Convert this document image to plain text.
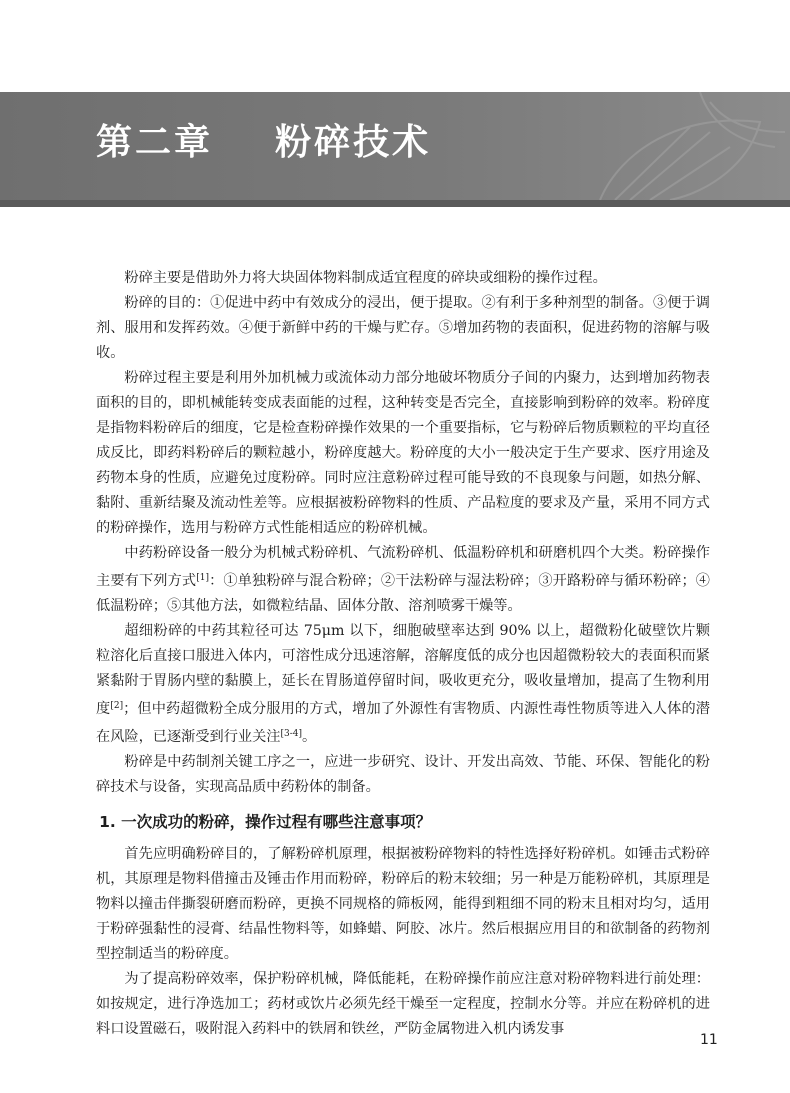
第二章    粉碎技术

粉碎主要是借助外力将大块固体物料制成适宜程度的碎块或细粉的操作过程。

粉碎的目的：①促进中药中有效成分的浸出，便于提取。②有利于多种剂型的制备。③便于调剂、服用和发挥药效。④便于新鲜中药的干燥与贮存。⑤增加药物的表面积，促进药物的溶解与吸收。

粉碎过程主要是利用外加机械力或流体动力部分地破坏物质分子间的内聚力，达到增加药物表面积的目的，即机械能转变成表面能的过程，这种转变是否完全，直接影响到粉碎的效率。粉碎度是指物料粉碎后的细度，它是检查粉碎操作效果的一个重要指标，它与粉碎后物质颗粒的平均直径成反比，即药料粉碎后的颗粒越小，粉碎度越大。粉碎度的大小一般决定于生产要求、医疗用途及药物本身的性质，应避免过度粉碎。同时应注意粉碎过程可能导致的不良现象与问题，如热分解、黏附、重新结聚及流动性差等。应根据被粉碎物料的性质、产品粒度的要求及产量，采用不同方式的粉碎操作，选用与粉碎方式性能相适应的粉碎机械。

中药粉碎设备一般分为机械式粉碎机、气流粉碎机、低温粉碎机和研磨机四个大类。粉碎操作主要有下列方式[1]：①单独粉碎与混合粉碎；②干法粉碎与湿法粉碎；③开路粉碎与循环粉碎；④低温粉碎；⑤其他方法，如微粒结晶、固体分散、溶剂喷雾干燥等。

超细粉碎的中药其粒径可达 75μm 以下，细胞破壁率达到 90% 以上，超微粉化破壁饮片颗粒溶化后直接口服进入体内，可溶性成分迅速溶解，溶解度低的成分也因超微粉较大的表面积而紧紧黏附于胃肠内壁的黏膜上，延长在胃肠道停留时间，吸收更充分，吸收量增加，提高了生物利用度[2]；但中药超微粉全成分服用的方式，增加了外源性有害物质、内源性毒性物质等进入人体的潜在风险，已逐渐受到行业关注[3-4]。

粉碎是中药制剂关键工序之一，应进一步研究、设计、开发出高效、节能、环保、智能化的粉碎技术与设备，实现高品质中药粉体的制备。

1. 一次成功的粉碎，操作过程有哪些注意事项？

首先应明确粉碎目的，了解粉碎机原理，根据被粉碎物料的特性选择好粉碎机。如锤击式粉碎机，其原理是物料借撞击及锤击作用而粉碎，粉碎后的粉末较细；另一种是万能粉碎机，其原理是物料以撞击伴撕裂研磨而粉碎，更换不同规格的筛板网，能得到粗细不同的粉末且相对均匀，适用于粉碎强黏性的浸膏、结晶性物料等，如蜂蜡、阿胶、冰片。然后根据应用目的和欲制备的药物剂型控制适当的粉碎度。

为了提高粉碎效率，保护粉碎机械，降低能耗，在粉碎操作前应注意对粉碎物料进行前处理：如按规定，进行净选加工；药材或饮片必须先经干燥至一定程度，控制水分等。并应在粉碎机的进料口设置磁石，吸附混入药料中的铁屑和铁丝，严防金属物进入机内诱发事

11
